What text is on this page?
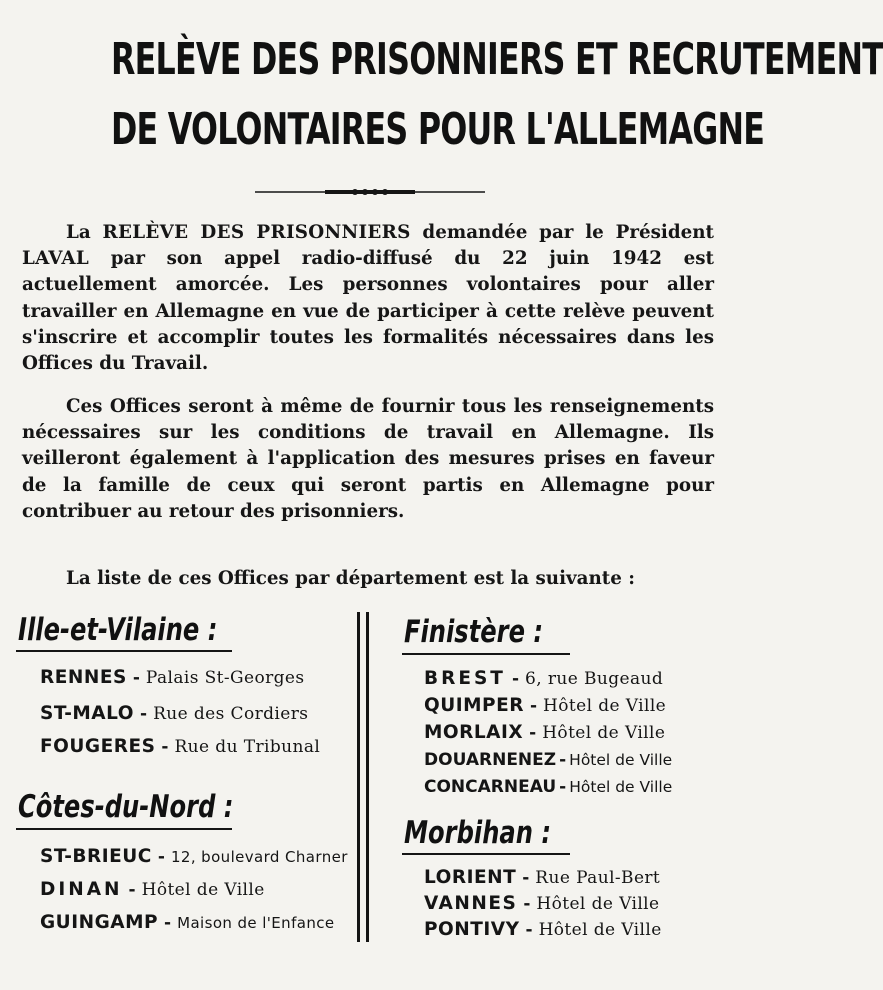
RELÈVE DES PRISONNIERS ET RECRUTEMENT
DE VOLONTAIRES POUR L'ALLEMAGNE

La RELÈVE DES PRISONNIERS demandée par le Président LAVAL par son appel radio-diffusé du 22 juin 1942 est actuellement amorcée. Les personnes volontaires pour aller travailler en Allemagne en vue de participer à cette relève peuvent s'inscrire et accomplir toutes les formalités nécessaires dans les Offices du Travail.

Ces Offices seront à même de fournir tous les renseignements nécessaires sur les conditions de travail en Allemagne. Ils veilleront également à l'application des mesures prises en faveur de la famille de ceux qui seront partis en Allemagne pour contribuer au retour des prisonniers.

La liste de ces Offices par département est la suivante :

Ille-et-Vilaine :
RENNES - Palais St-Georges
ST-MALO - Rue des Cordiers
FOUGERES - Rue du Tribunal
Côtes-du-Nord :
ST-BRIEUC - 12, boulevard Charner
DINAN - Hôtel de Ville
GUINGAMP - Maison de l'Enfance
Finistère :
BREST - 6, rue Bugeaud
QUIMPER - Hôtel de Ville
MORLAIX - Hôtel de Ville
DOUARNENEZ - Hôtel de Ville
CONCARNEAU - Hôtel de Ville
Morbihan :
LORIENT - Rue Paul-Bert
VANNES - Hôtel de Ville
PONTIVY - Hôtel de Ville
